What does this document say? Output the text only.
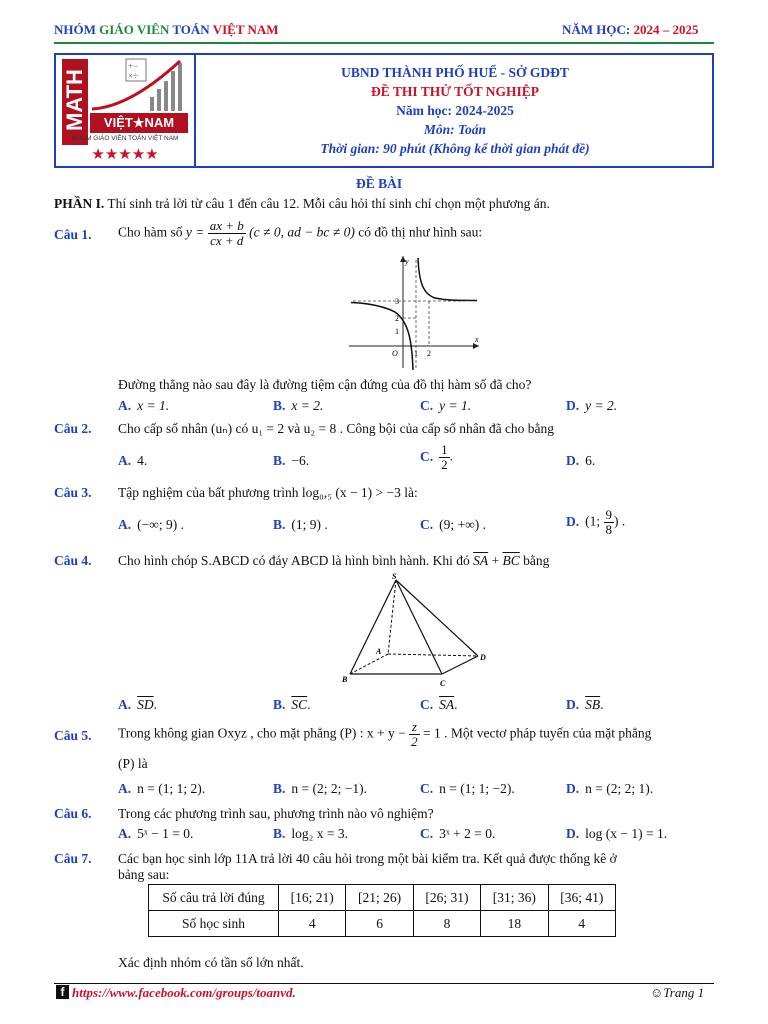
NHÓM GIÁO VIÊN TOÁN VIỆT NAM	NĂM HỌC: 2024 – 2025
MATH
+−
×÷
VIỆT★NAM
NHÓM GIÁO VIÊN TOÁN VIỆT NAM
★★★★★
UBND THÀNH PHỐ HUẾ - SỞ GDĐT
ĐỀ THI THỬ TỐT NGHIỆP
Năm học: 2024-2025
Môn: Toán
Thời gian: 90 phút (Không kể thời gian phát đề)
ĐỀ BÀI
PHẦN I. Thí sinh trả lời từ câu 1 đến câu 12. Mỗi câu hỏi thí sinh chỉ chọn một phương án.
Câu 1. Cho hàm số $y = \frac{ax + b}{cx + d} (c \ne 0$, ad − bc ≠ 0) có đồ thị như hình sau:
y
x
O 1 2
3
2
1
Đường thẳng nào sau đây là đường tiệm cận đứng của đồ thị hàm số đã cho?
A. x = 1.	B. x = 2.	C. y = 1.	D. y = 2.
Câu 2. Cho cấp số nhân (uₙ) có u₁ = 2 và u₂ = 8 . Công bội của cấp số nhân đã cho bằng
A. 4.	B. −6.	C. $\frac{1}{2}$ .	D. 6.
Câu 3. Tập nghiệm của bất phương trình log₀,₅ (x − 1) > −3 là:
A. (−∞; 9) .	B. (1; 9) .	C. (9; +∞) .	D. (1; $\frac{9}{8}$ ) .
Câu 4. Cho hình chóp S.ABCD có đáy ABCD là hình bình hành. Khi đó $\overline{SA} + \overline{BC}$ bằng
S
A
B	C
D
A. $\overline{SD}$.	B. $\overline{SC}$.	C. $\overline{SA}$.	D. $\overline{SB}$.
Câu 5. Trong không gian Oxyz , cho mặt phẳng (P) : $x + y - \frac{z}{2} = 1$ . Một vectơ pháp tuyến của mặt phẳng
(P) là
A. n = (1; 1; 2).	B. n = (2; 2; −1).	C. n = (1; 1; −2).	D. n = (2; 2; 1).
Câu 6. Trong các phương trình sau, phương trình nào vô nghiệm?
A. 5ˣ − 1 = 0.	B. log₂ x = 3.	C. 3ˣ + 2 = 0.	D. log (x − 1) = 1.
Câu 7. Các bạn học sinh lớp 11A trả lời 40 câu hỏi trong một bài kiểm tra. Kết quả được thống kê ở
bảng sau:
Số câu trả lời đúng	[16; 21)	[21; 26)	[26; 31)	[31; 36)	[36; 41)
Số học sinh	4	6	8	18	4
Xác định nhóm có tần số lớn nhất.
f https://www.facebook.com/groups/toanvd.	☺Trang 1
